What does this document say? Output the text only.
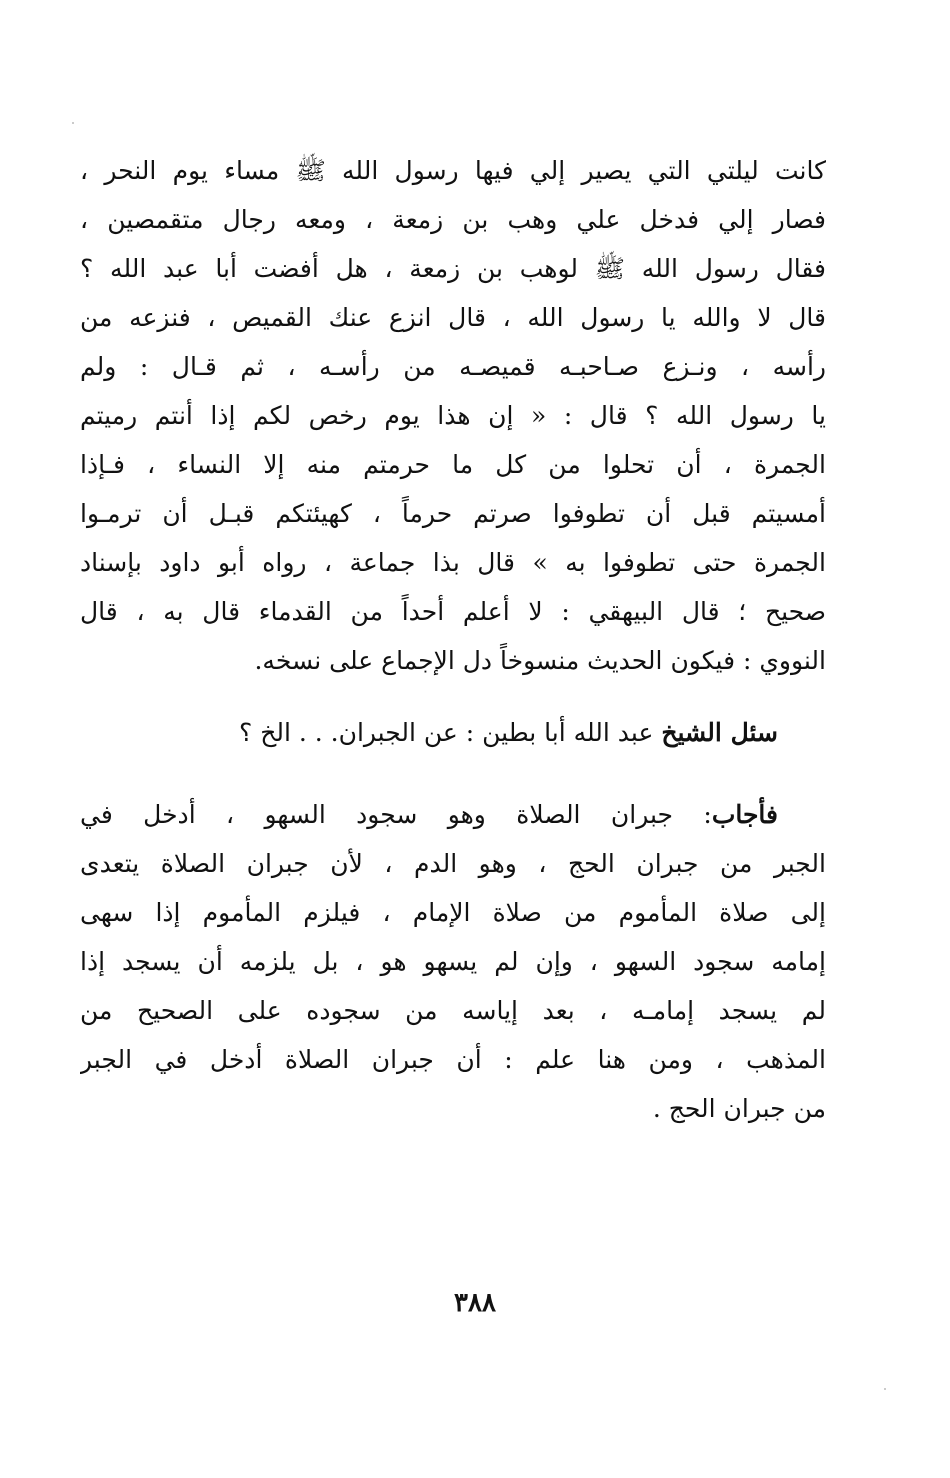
كانت ليلتي التي يصير إلي فيها رسول الله ﷺ مساء يوم النحر ،
فصار إلي فدخل علي وهب بن زمعة ، ومعه رجال متقمصين ،
فقال رسول الله ﷺ لوهب بن زمعة ، هل أفضت أبا عبد الله ؟
قال لا والله يا رسول الله ، قال انزع عنك القميص ، فنزعه من
رأسه ، ونـزع صـاحبـه قميصـه من رأسـه ، ثم قـال : ولم
يا رسول الله ؟ قال : « إن هذا يوم رخص لكم إذا أنتم رميتم
الجمرة ، أن تحلوا من كل ما حرمتم منه إلا النساء ، فـإذا
أمسيتم قبل أن تطوفوا صرتم حرماً ، كهيئتكم قبـل أن ترمـوا
الجمرة حتى تطوفوا به » قال بذا جماعة ، رواه أبو داود بإسناد
صحيح ؛ قال البيهقي : لا أعلم أحداً من القدماء قال به ، قال
النووي : فيكون الحديث منسوخاً دل الإجماع على نسخه.
سئل الشيخ عبد الله أبا بطين : عن الجبران. . . الخ ؟
فأجاب: جبران الصلاة وهو سجود السهو ، أدخل في
الجبر من جبران الحج ، وهو الدم ، لأن جبران الصلاة يتعدى
إلى صلاة المأموم من صلاة الإمام ، فيلزم المأموم إذا سهى
إمامه سجود السهو ، وإن لم يسهو هو ، بل يلزمه أن يسجد إذا
لم يسجد إمامـه ، بعد إياسه من سجوده على الصحيح من
المذهب ، ومن هنا علم : أن جبران الصلاة أدخل في الجبر
من جبران الحج .
٣٨٨
